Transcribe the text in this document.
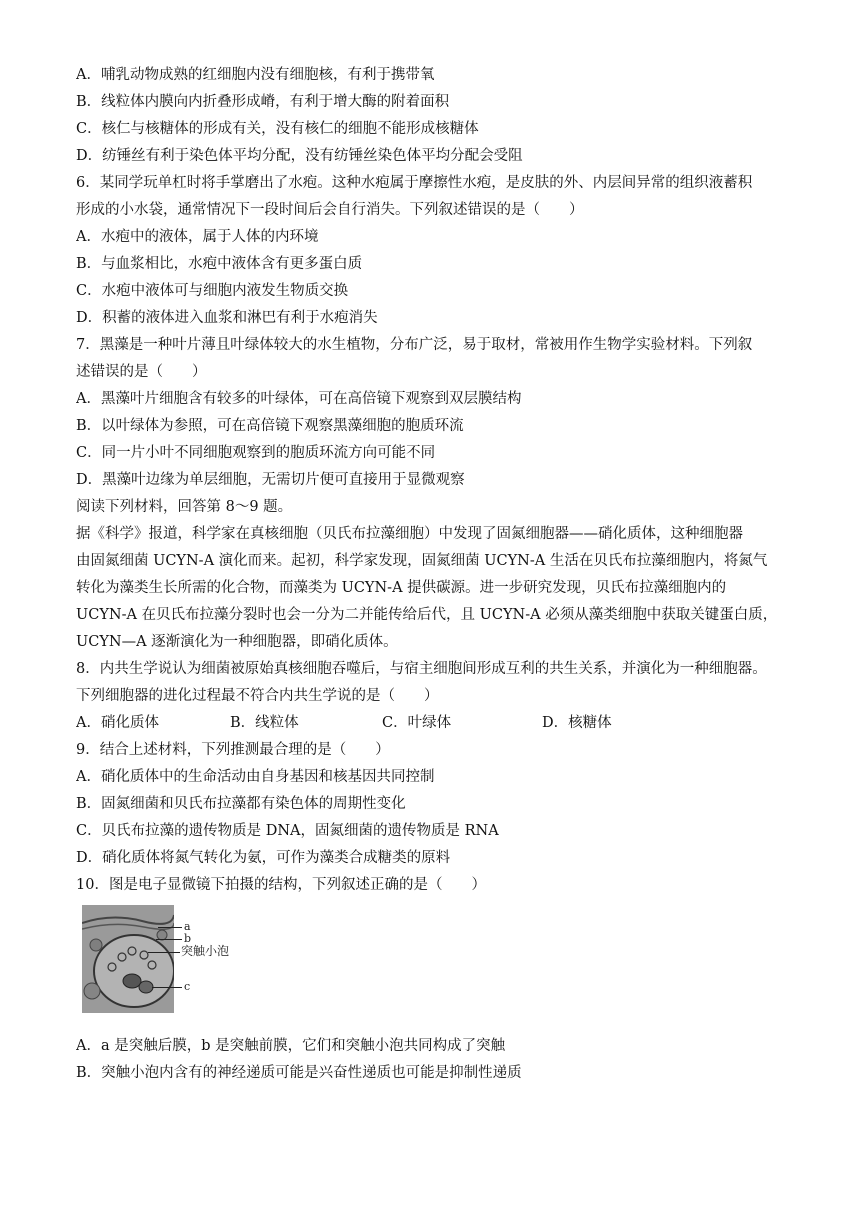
A．哺乳动物成熟的红细胞内没有细胞核，有利于携带氧
B．线粒体内膜向内折叠形成嵴，有利于增大酶的附着面积
C．核仁与核糖体的形成有关，没有核仁的细胞不能形成核糖体
D．纺锤丝有利于染色体平均分配，没有纺锤丝染色体平均分配会受阻
6．某同学玩单杠时将手掌磨出了水疱。这种水疱属于摩擦性水疱，是皮肤的外、内层间异常的组织液蓄积
形成的小水袋，通常情况下一段时间后会自行消失。下列叙述错误的是（　　）
A．水疱中的液体，属于人体的内环境
B．与血浆相比，水疱中液体含有更多蛋白质
C．水疱中液体可与细胞内液发生物质交换
D．积蓄的液体进入血浆和淋巴有利于水疱消失
7．黑藻是一种叶片薄且叶绿体较大的水生植物，分布广泛，易于取材，常被用作生物学实验材料。下列叙
述错误的是（　　）
A．黑藻叶片细胞含有较多的叶绿体，可在高倍镜下观察到双层膜结构
B．以叶绿体为参照，可在高倍镜下观察黑藻细胞的胞质环流
C．同一片小叶不同细胞观察到的胞质环流方向可能不同
D．黑藻叶边缘为单层细胞，无需切片便可直接用于显微观察
阅读下列材料，回答第 8～9 题。
据《科学》报道，科学家在真核细胞（贝氏布拉藻细胞）中发现了固氮细胞器——硝化质体，这种细胞器
由固氮细菌 UCYN-A 演化而来。起初，科学家发现，固氮细菌 UCYN-A 生活在贝氏布拉藻细胞内，将氮气
转化为藻类生长所需的化合物，而藻类为 UCYN-A 提供碳源。进一步研究发现，贝氏布拉藻细胞内的
UCYN-A 在贝氏布拉藻分裂时也会一分为二并能传给后代，且 UCYN-A 必须从藻类细胞中获取关键蛋白质，
UCYN—A 逐渐演化为一种细胞器，即硝化质体。
8．内共生学说认为细菌被原始真核细胞吞噬后，与宿主细胞间形成互利的共生关系，并演化为一种细胞器。
下列细胞器的进化过程最不符合内共生学说的是（　　）
A．硝化质体	B．线粒体	C．叶绿体	D．核糖体
9．结合上述材料，下列推测最合理的是（　　）
A．硝化质体中的生命活动由自身基因和核基因共同控制
B．固氮细菌和贝氏布拉藻都有染色体的周期性变化
C．贝氏布拉藻的遗传物质是 DNA，固氮细菌的遗传物质是 RNA
D．硝化质体将氮气转化为氨，可作为藻类合成糖类的原料
10．图是电子显微镜下拍摄的结构，下列叙述正确的是（　　）
a
b
突触小泡
c
A．a 是突触后膜，b 是突触前膜，它们和突触小泡共同构成了突触
B．突触小泡内含有的神经递质可能是兴奋性递质也可能是抑制性递质
